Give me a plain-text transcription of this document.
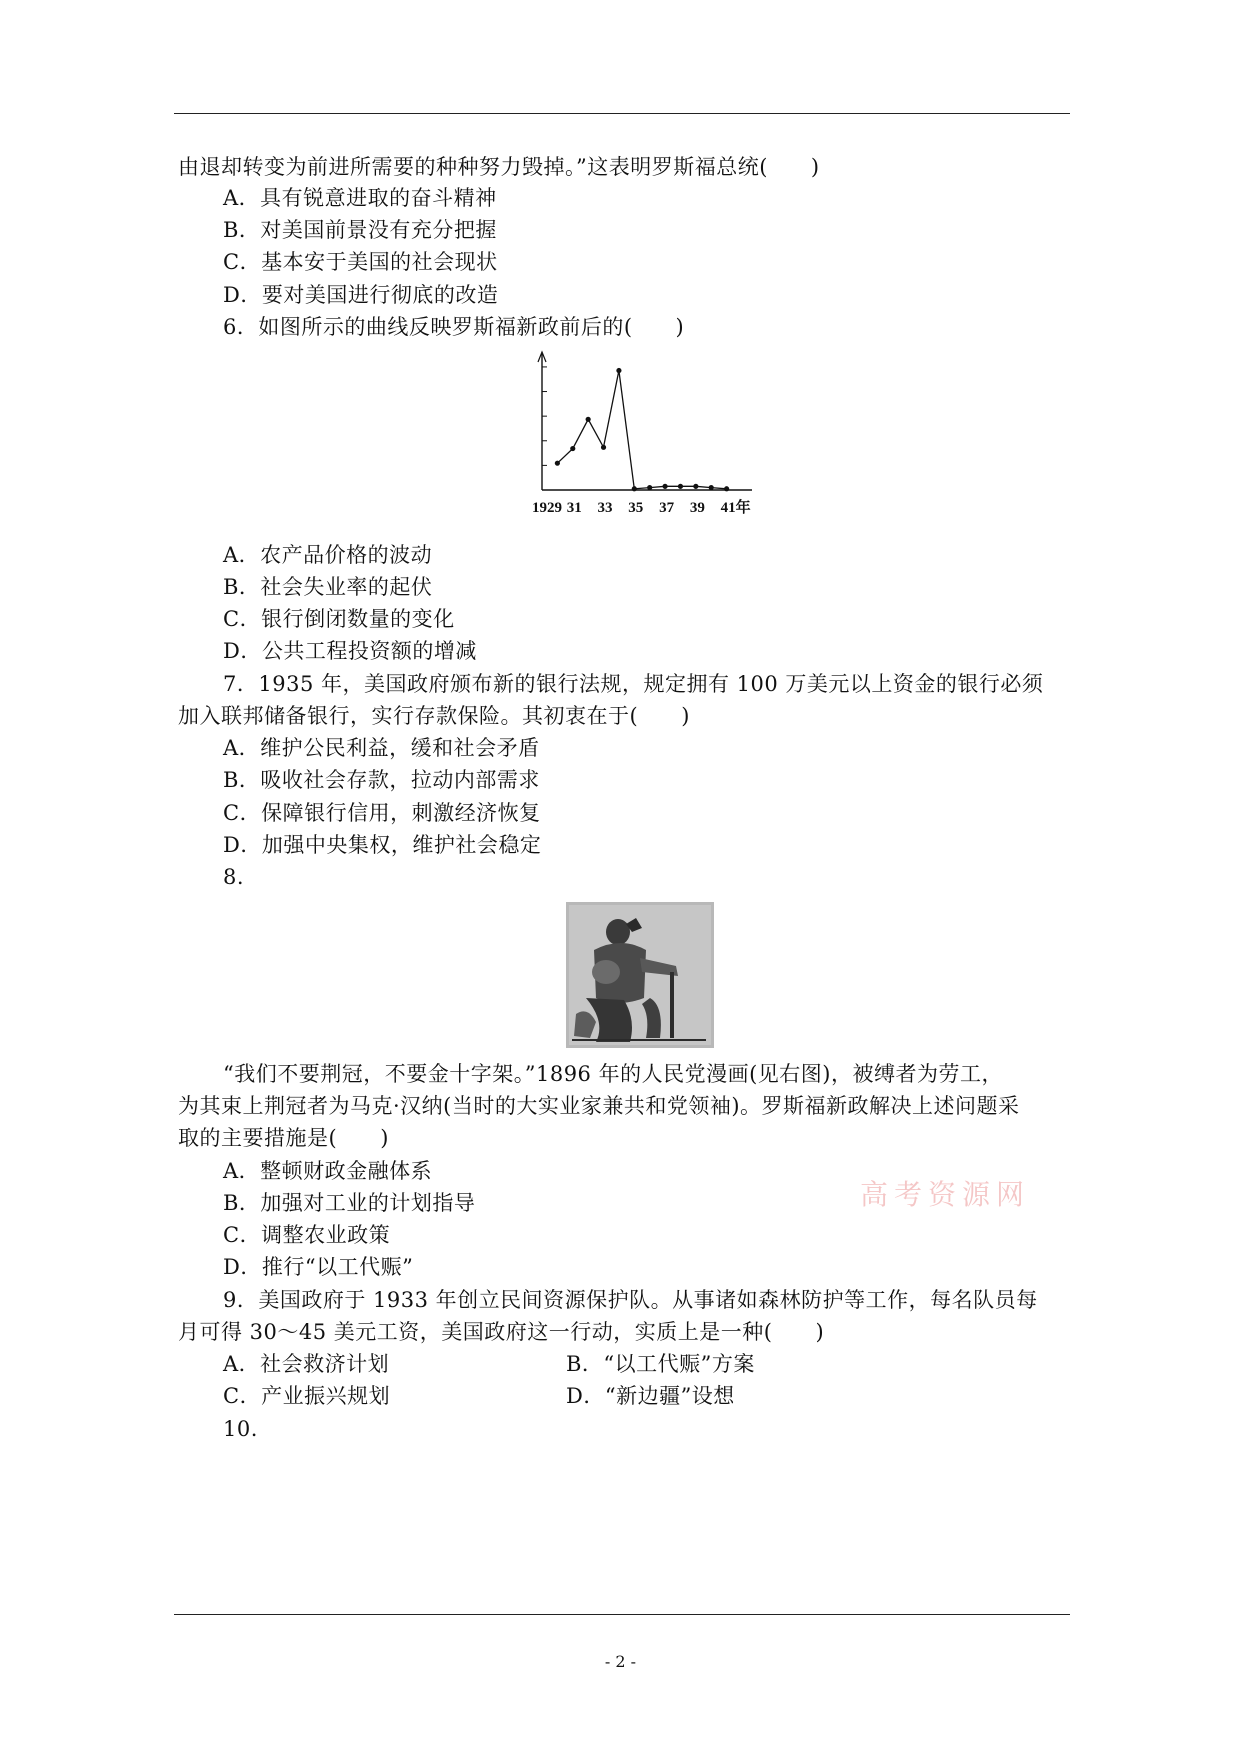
由退却转变为前进所需要的种种努力毁掉。”这表明罗斯福总统(　　)
A．具有锐意进取的奋斗精神
B．对美国前景没有充分把握
C．基本安于美国的社会现状
D．要对美国进行彻底的改造
6．如图所示的曲线反映罗斯福新政前后的(　　)
A．农产品价格的波动
B．社会失业率的起伏
C．银行倒闭数量的变化
D．公共工程投资额的增减
7．1935 年，美国政府颁布新的银行法规，规定拥有 100 万美元以上资金的银行必须
加入联邦储备银行，实行存款保险。其初衷在于(　　)
A．维护公民利益，缓和社会矛盾
B．吸收社会存款，拉动内部需求
C．保障银行信用，刺激经济恢复
D．加强中央集权，维护社会稳定
8.
“我们不要荆冠，不要金十字架。”1896 年的人民党漫画(见右图)，被缚者为劳工，
为其束上荆冠者为马克·汉纳(当时的大实业家兼共和党领袖)。罗斯福新政解决上述问题采
取的主要措施是(　　)
A．整顿财政金融体系
B．加强对工业的计划指导
C．调整农业政策
D．推行“以工代赈”
9．美国政府于 1933 年创立民间资源保护队。从事诸如森林防护等工作，每名队员每
月可得 30～45 美元工资，美国政府这一行动，实质上是一种(　　)
A．社会救济计划	B．“以工代赈”方案
C．产业振兴规划	D．“新边疆”设想
10.
1929 31 33 35 37 39 41年
高考资源网
- 2 -
